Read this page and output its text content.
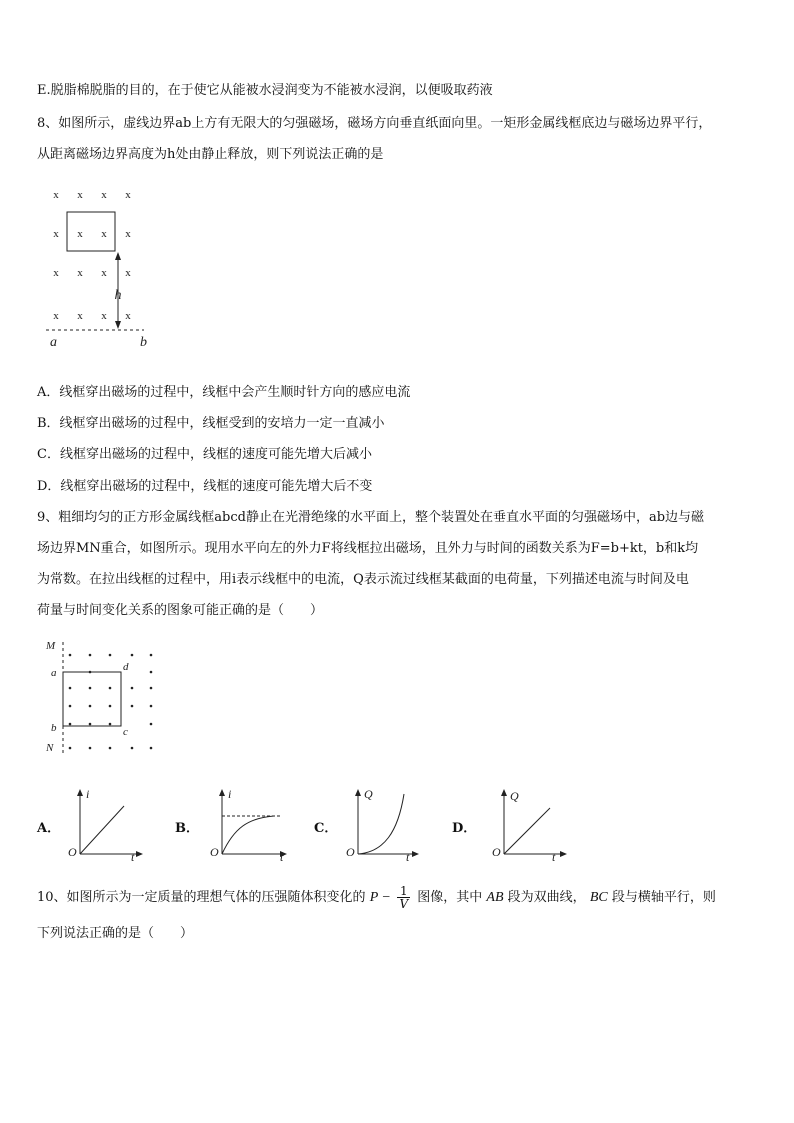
E.脱脂棉脱脂的目的，在于使它从能被水浸润变为不能被水浸润，以便吸取药液
8、如图所示，虚线边界ab上方有无限大的匀强磁场，磁场方向垂直纸面向里。一矩形金属线框底边与磁场边界平行，
从距离磁场边界高度为h处由静止释放，则下列说法正确的是
x x x x
x x x x
x x x x
x x x x
h
a	b
A．线框穿出磁场的过程中，线框中会产生顺时针方向的感应电流
B．线框穿出磁场的过程中，线框受到的安培力一定一直减小
C．线框穿出磁场的过程中，线框的速度可能先增大后减小
D．线框穿出磁场的过程中，线框的速度可能先增大后不变
9、粗细均匀的正方形金属线框abcd静止在光滑绝缘的水平面上，整个装置处在垂直水平面的匀强磁场中，ab边与磁
场边界MN重合，如图所示。现用水平向左的外力F将线框拉出磁场，且外力与时间的函数关系为F=b+kt，b和k均
为常数。在拉出线框的过程中，用i表示线框中的电流，Q表示流过线框某截面的电荷量，下列描述电流与时间及电
荷量与时间变化关系的图象可能正确的是（　　）
M
N
a
b	c
d
A．
i
t
O
B．
i
t
O
C．
Q
t
O
D．
Q
t
O
10、如图所示为一定质量的理想气体的压强随体积变化的 $P - \frac{1}{V}$ 图像，其中 AB 段为双曲线， BC 段与横轴平行，则
下列说法正确的是（　　）
